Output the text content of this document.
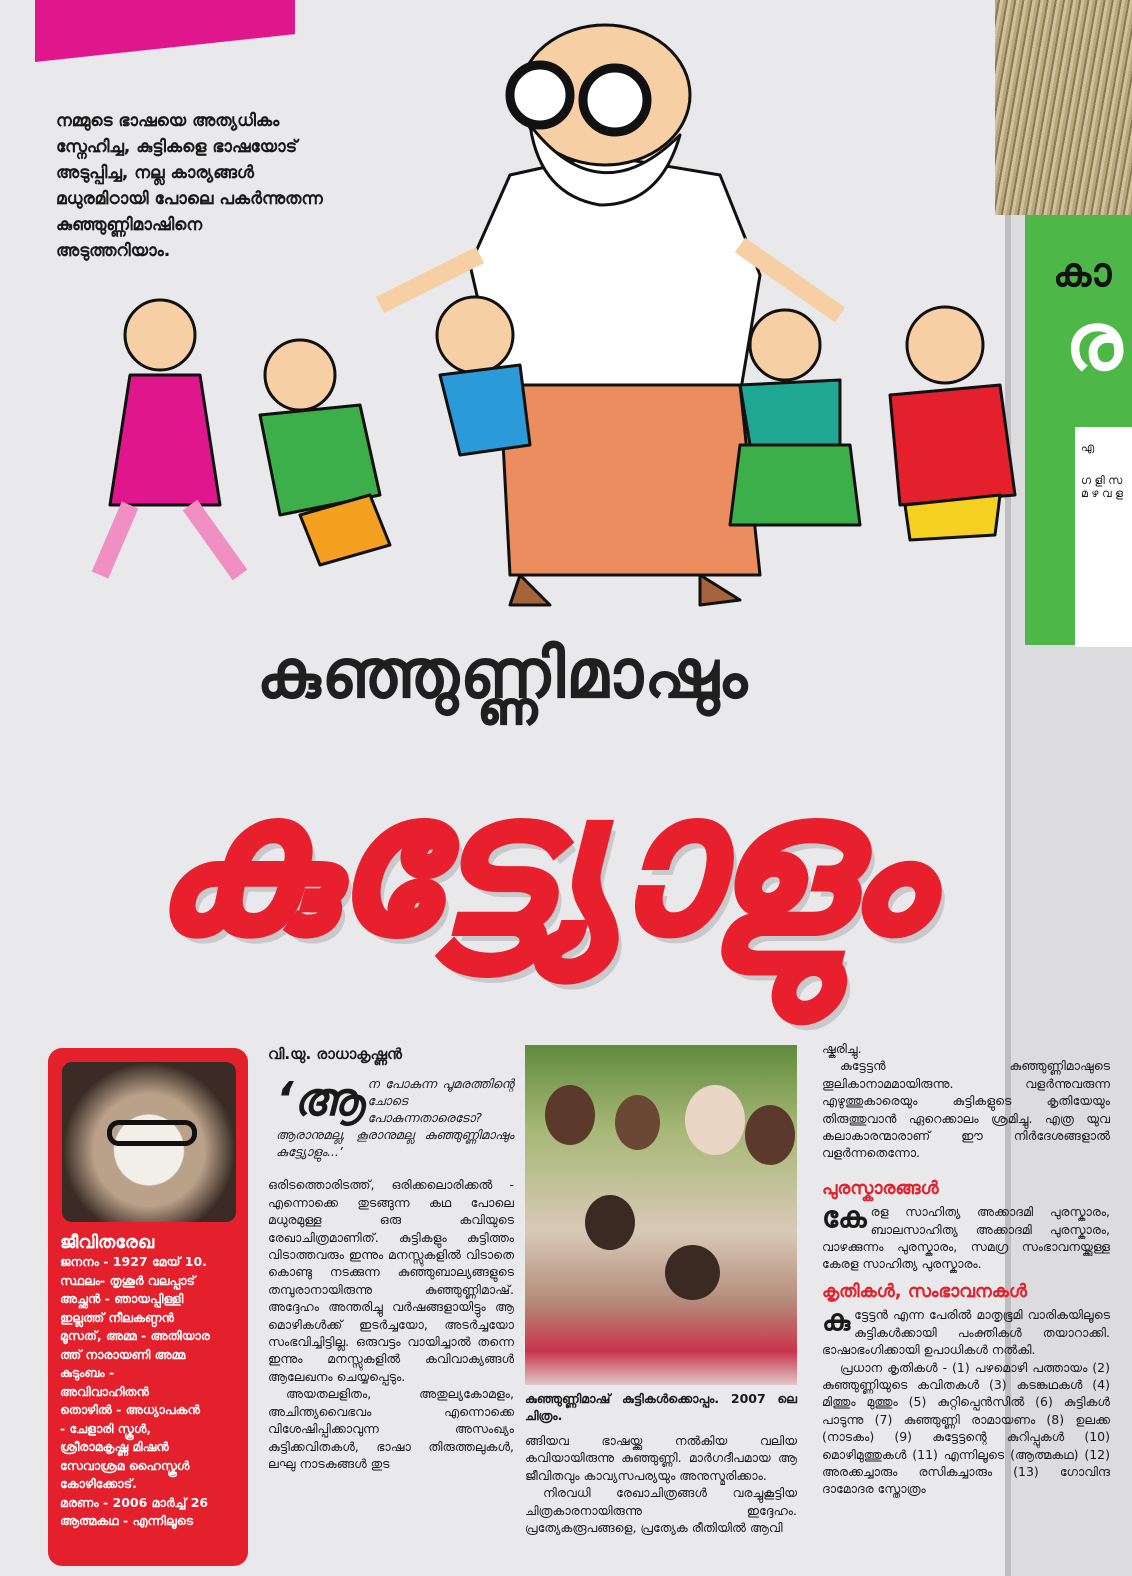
കാ
ര
എ
ഗ ളി സ മ ഴ വ ള
നമ്മുടെ ഭാഷയെ അത്യധികം
സ്നേഹിച്ച, കുട്ടികളെ ഭാഷയോട്
അടുപ്പിച്ച, നല്ല കാര്യങ്ങൾ
മധുരമിഠായി പോലെ പകർന്നുതന്ന
കുഞ്ഞുണ്ണിമാഷിനെ
അടുത്തറിയാം.
കുഞ്ഞുണ്ണിമാഷും
കുട്ട്യോളും
ജീവിതരേഖ
ജനനം - 1927 മേയ് 10.
സ്ഥലം- തൃശൂർ വലപ്പാട്
അച്ഛൻ - ഞായപ്പിള്ളി
ഇല്ലത്ത് നീലകണ്ഠൻ
മൂസത്, അമ്മ - അതിയാര
ത്ത് നാരായണി അമ്മ
കുടുംബം -
അവിവാഹിതൻ
തൊഴിൽ - അധ്യാപകൻ
- ചേളാരി സ്കൂൾ,
ശ്രീരാമകൃഷ്ണ മിഷൻ
സേവാശ്രമ ഹൈസ്കൂൾ
കോഴിക്കോട്.
മരണം - 2006 മാർച്ച് 26
ആത്മകഥ - എന്നിലൂടെ
വി.യു. രാധാകൃഷ്ണൻ
‘ആ ന പോകുന്ന പൂമരത്തിന്റെ ചോടെ പോകുന്നതാരെടോ? ആരാനുമല്ല, കൂരാനുമല്ല കുഞ്ഞുണ്ണിമാഷും കുട്ട്യോളും...’

ഒരിടത്തൊരിടത്ത്, ഒരിക്കലൊരിക്കൽ - എന്നൊക്കെ തുടങ്ങുന്ന കഥ പോലെ മധുരമുള്ള ഒരു കവിയുടെ രേഖാചിത്രമാണിത്. കുട്ടികളും കുട്ടിത്തം വിടാത്തവരും ഇന്നും മനസ്സുകളിൽ വിടാതെ കൊണ്ടു നടക്കുന്ന കുഞ്ഞുബാല്യങ്ങളുടെ തമ്പുരാനായിരുന്നു കുഞ്ഞുണ്ണിമാഷ്. അദ്ദേഹം അന്തരിച്ചു വർഷങ്ങളായിട്ടും ആ മൊഴികൾക്ക് ഇടർച്ചയോ, അടർച്ചയോ സംഭവിച്ചിട്ടില്ല. ഒരുവട്ടം വായിച്ചാൽ തന്നെ ഇന്നും മനസ്സുകളിൽ കവിവാക്യങ്ങൾ ആലേഖനം ചെയ്യപ്പെടും.

അയതലളിതം, അതുല്യകോമളം, അചിന്ത്യവൈഭവം എന്നൊക്കെ വിശേഷിപ്പിക്കാവുന്ന അസംഖ്യം കുട്ടിക്കവിതകൾ, ഭാഷാ തിരുത്തലുകൾ, ലഘു നാടകങ്ങൾ തുട

കുഞ്ഞുണ്ണിമാഷ് കുട്ടികൾക്കൊപ്പം. 2007 ലെ ചിത്രം.

ങ്ങിയവ ഭാഷയ്ക്കു നൽകിയ വലിയ കവിയായിരുന്നു കുഞ്ഞുണ്ണി. മാർഗദീപമായ ആ ജീവിതവും കാവ്യസപര്യയും അനുസ്മരിക്കാം.

നിരവധി രേഖാചിത്രങ്ങൾ വരച്ചുകൂട്ടിയ ചിത്രകാരനായിരുന്നു ഇദ്ദേഹം. പ്രത്യേകരൂപങ്ങളെ, പ്രത്യേക രീതിയിൽ ആവി

ഷ്കരിച്ചു.

കുട്ടേട്ടൻ കുഞ്ഞുണ്ണിമാഷുടെ തൂലികാനാമമായിരുന്നു. വളർന്നുവരുന്ന എഴുത്തുകാരെയും കുട്ടികളുടെ കൃതിയേയും തിരുത്തുവാൻ ഏറെക്കാലം ശ്രമിച്ചു. എത്ര യുവ കലാകാരന്മാരാണ് ഈ നിർദേശങ്ങളാൽ വളർന്നതെന്നോ.

പുരസ്കാരങ്ങൾ

കേരള സാഹിത്യ അക്കാദമി പുരസ്കാരം, ബാലസാഹിത്യ അക്കാദമി പുരസ്കാരം, വാഴക്കുന്നം പുരസ്കാരം, സമഗ്ര സംഭാവനയ്ക്കുള്ള കേരള സാഹിത്യ പുരസ്കാരം.

കൃതികൾ, സംഭാവനകൾ

കുട്ടേട്ടൻ എന്ന പേരിൽ മാതൃഭൂമി വാരികയിലൂടെ കുട്ടികൾക്കായി പംക്തികൾ തയാറാക്കി. ഭാഷാഭംഗിക്കായി ഉപാധികൾ നൽകി.

പ്രധാന കൃതികൾ - (1) പഴമൊഴി പത്തായം (2) കുഞ്ഞുണ്ണിയുടെ കവിതകൾ (3) കടങ്കഥകൾ (4) മിത്തും മുത്തും (5) കുറ്റിപ്പെൻസിൽ (6) കുട്ടികൾ പാടുന്നു (7) കുഞ്ഞുണ്ണി രാമായണം (8) ഉലക്ക (നാടകം) (9) കുട്ടേട്ടന്റെ കുറിപ്പുകൾ (10) മൊഴിമുത്തുകൾ (11) എന്നിലൂടെ (ആത്മകഥ) (12) അരക്കച്ചാരും രസികച്ചാരും (13) ഗോവിന്ദ ദാമോദര സ്തോത്രം
